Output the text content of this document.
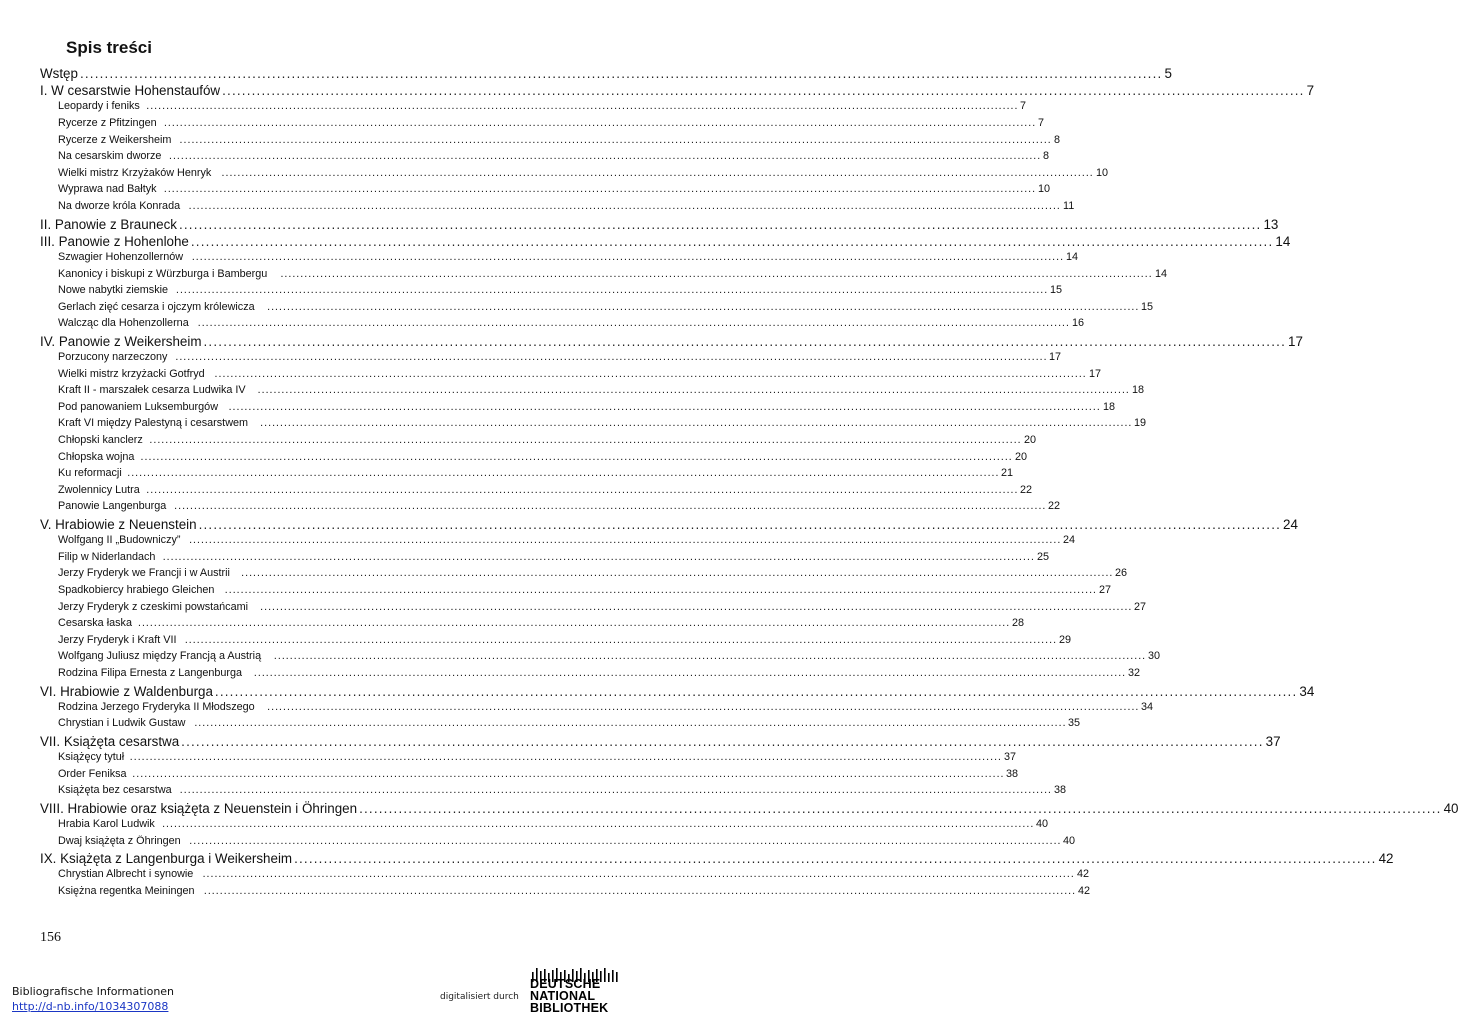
Spis treści
Wstęp ............................................................................................................................................................................................................................ 5
I. W cesarstwie Hohenstaufów ............................................................................................................................................................................................................................ 7
Leopardy i feniks ............................................................................................................................................................................................................................ 7
Rycerze z Pfitzingen ............................................................................................................................................................................................................................ 7
Rycerze z Weikersheim ............................................................................................................................................................................................................................ 8
Na cesarskim dworze ............................................................................................................................................................................................................................ 8
Wielki mistrz Krzyżaków Henryk ............................................................................................................................................................................................................................ 10
Wyprawa nad Bałtyk ............................................................................................................................................................................................................................ 10
Na dworze króla Konrada ............................................................................................................................................................................................................................ 11
II. Panowie z Brauneck ............................................................................................................................................................................................................................ 13
III. Panowie z Hohenlohe ............................................................................................................................................................................................................................ 14
Szwagier Hohenzollernów ............................................................................................................................................................................................................................ 14
Kanonicy i biskupi z Würzburga i Bambergu ............................................................................................................................................................................................................................ 14
Nowe nabytki ziemskie ............................................................................................................................................................................................................................ 15
Gerlach zięć cesarza i ojczym królewicza ............................................................................................................................................................................................................................ 15
Walcząc dla Hohenzollerna ............................................................................................................................................................................................................................ 16
IV. Panowie z Weikersheim ............................................................................................................................................................................................................................ 17
Porzucony narzeczony ............................................................................................................................................................................................................................ 17
Wielki mistrz krzyżacki Gotfryd ............................................................................................................................................................................................................................ 17
Kraft II - marszałek cesarza Ludwika IV ............................................................................................................................................................................................................................ 18
Pod panowaniem Luksemburgów ............................................................................................................................................................................................................................ 18
Kraft VI między Palestyną i cesarstwem ............................................................................................................................................................................................................................ 19
Chłopski kanclerz ............................................................................................................................................................................................................................ 20
Chłopska wojna ............................................................................................................................................................................................................................ 20
Ku reformacji ............................................................................................................................................................................................................................ 21
Zwolennicy Lutra ............................................................................................................................................................................................................................ 22
Panowie Langenburga ............................................................................................................................................................................................................................ 22
V. Hrabiowie z Neuenstein ............................................................................................................................................................................................................................ 24
Wolfgang II „Budowniczy” ............................................................................................................................................................................................................................ 24
Filip w Niderlandach ............................................................................................................................................................................................................................ 25
Jerzy Fryderyk we Francji i w Austrii ............................................................................................................................................................................................................................ 26
Spadkobiercy hrabiego Gleichen ............................................................................................................................................................................................................................ 27
Jerzy Fryderyk z czeskimi powstańcami ............................................................................................................................................................................................................................ 27
Cesarska łaska ............................................................................................................................................................................................................................ 28
Jerzy Fryderyk i Kraft VII ............................................................................................................................................................................................................................ 29
Wolfgang Juliusz między Francją a Austrią ............................................................................................................................................................................................................................ 30
Rodzina Filipa Ernesta z Langenburga ............................................................................................................................................................................................................................ 32
VI. Hrabiowie z Waldenburga ............................................................................................................................................................................................................................ 34
Rodzina Jerzego Fryderyka II Młodszego ............................................................................................................................................................................................................................ 34
Chrystian i Ludwik Gustaw ............................................................................................................................................................................................................................ 35
VII. Książęta cesarstwa ............................................................................................................................................................................................................................ 37
Książęcy tytuł ............................................................................................................................................................................................................................ 37
Order Feniksa ............................................................................................................................................................................................................................ 38
Książęta bez cesarstwa ............................................................................................................................................................................................................................ 38
VIII. Hrabiowie oraz książęta z Neuenstein i Öhringen ............................................................................................................................................................................................................................ 40
Hrabia Karol Ludwik ............................................................................................................................................................................................................................ 40
Dwaj książęta z Öhringen ............................................................................................................................................................................................................................ 40
IX. Książęta z Langenburga i Weikersheim ............................................................................................................................................................................................................................ 42
Chrystian Albrecht i synowie ............................................................................................................................................................................................................................ 42
Księżna regentka Meiningen ............................................................................................................................................................................................................................ 42
156
Bibliografische Informationen
http://d-nb.info/1034307088
digitalisiert durch
DEUTSCHE
NATIONAL
BIBLIOTHEK
